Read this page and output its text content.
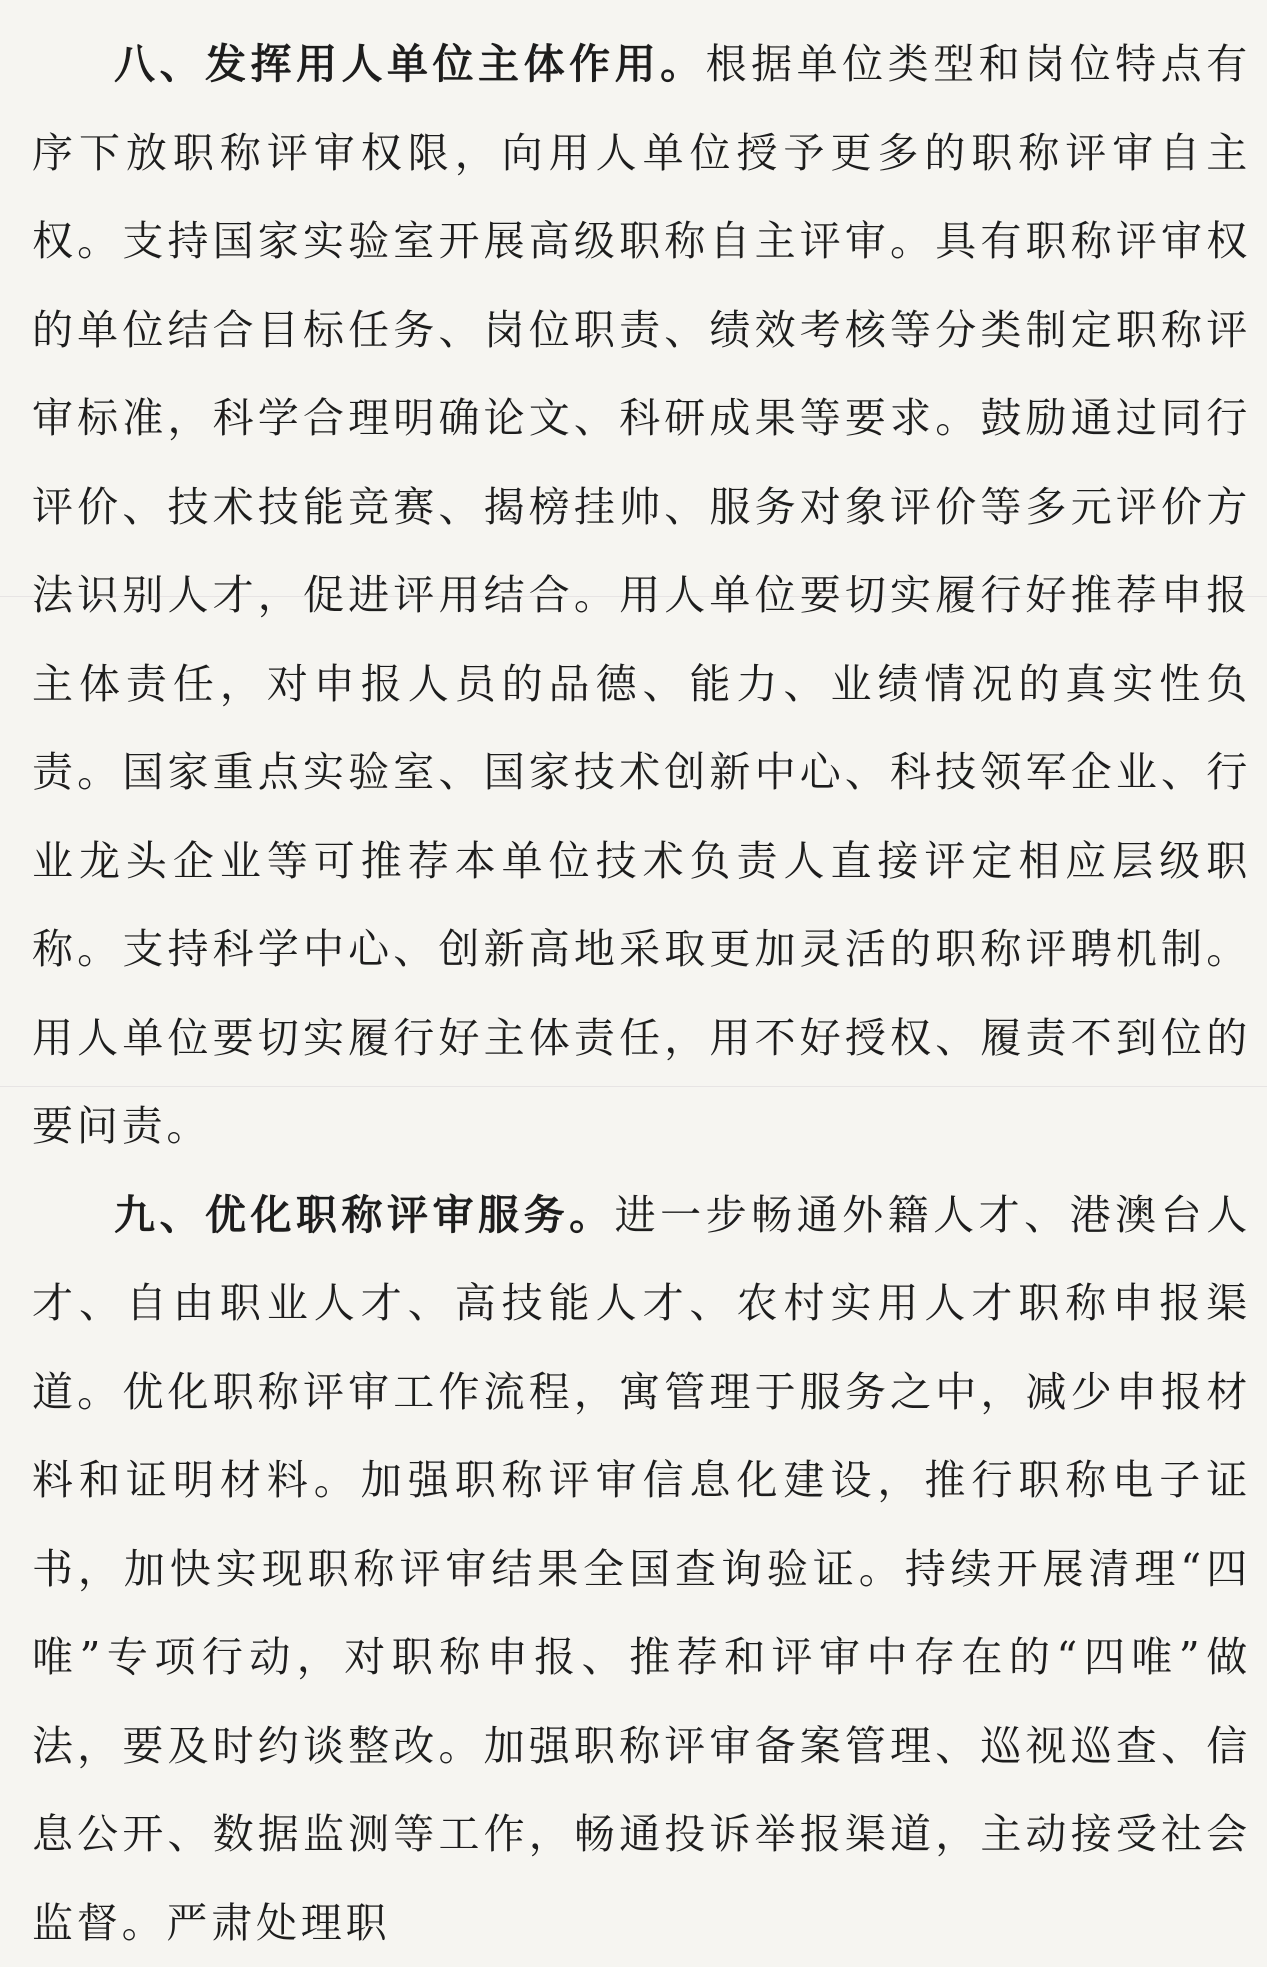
八、发挥用人单位主体作用。根据单位类型和岗位特点有序下放职称评审权限，向用人单位授予更多的职称评审自主权。支持国家实验室开展高级职称自主评审。具有职称评审权的单位结合目标任务、岗位职责、绩效考核等分类制定职称评审标准，科学合理明确论文、科研成果等要求。鼓励通过同行评价、技术技能竞赛、揭榜挂帅、服务对象评价等多元评价方法识别人才，促进评用结合。用人单位要切实履行好推荐申报主体责任，对申报人员的品德、能力、业绩情况的真实性负责。国家重点实验室、国家技术创新中心、科技领军企业、行业龙头企业等可推荐本单位技术负责人直接评定相应层级职称。支持科学中心、创新高地采取更加灵活的职称评聘机制。用人单位要切实履行好主体责任，用不好授权、履责不到位的要问责。

九、优化职称评审服务。进一步畅通外籍人才、港澳台人才、自由职业人才、高技能人才、农村实用人才职称申报渠道。优化职称评审工作流程，寓管理于服务之中，减少申报材料和证明材料。加强职称评审信息化建设，推行职称电子证书，加快实现职称评审结果全国查询验证。持续开展清理“四唯”专项行动，对职称申报、推荐和评审中存在的“四唯”做法，要及时约谈整改。加强职称评审备案管理、巡视巡查、信息公开、数据监测等工作，畅通投诉举报渠道，主动接受社会监督。严肃处理职
